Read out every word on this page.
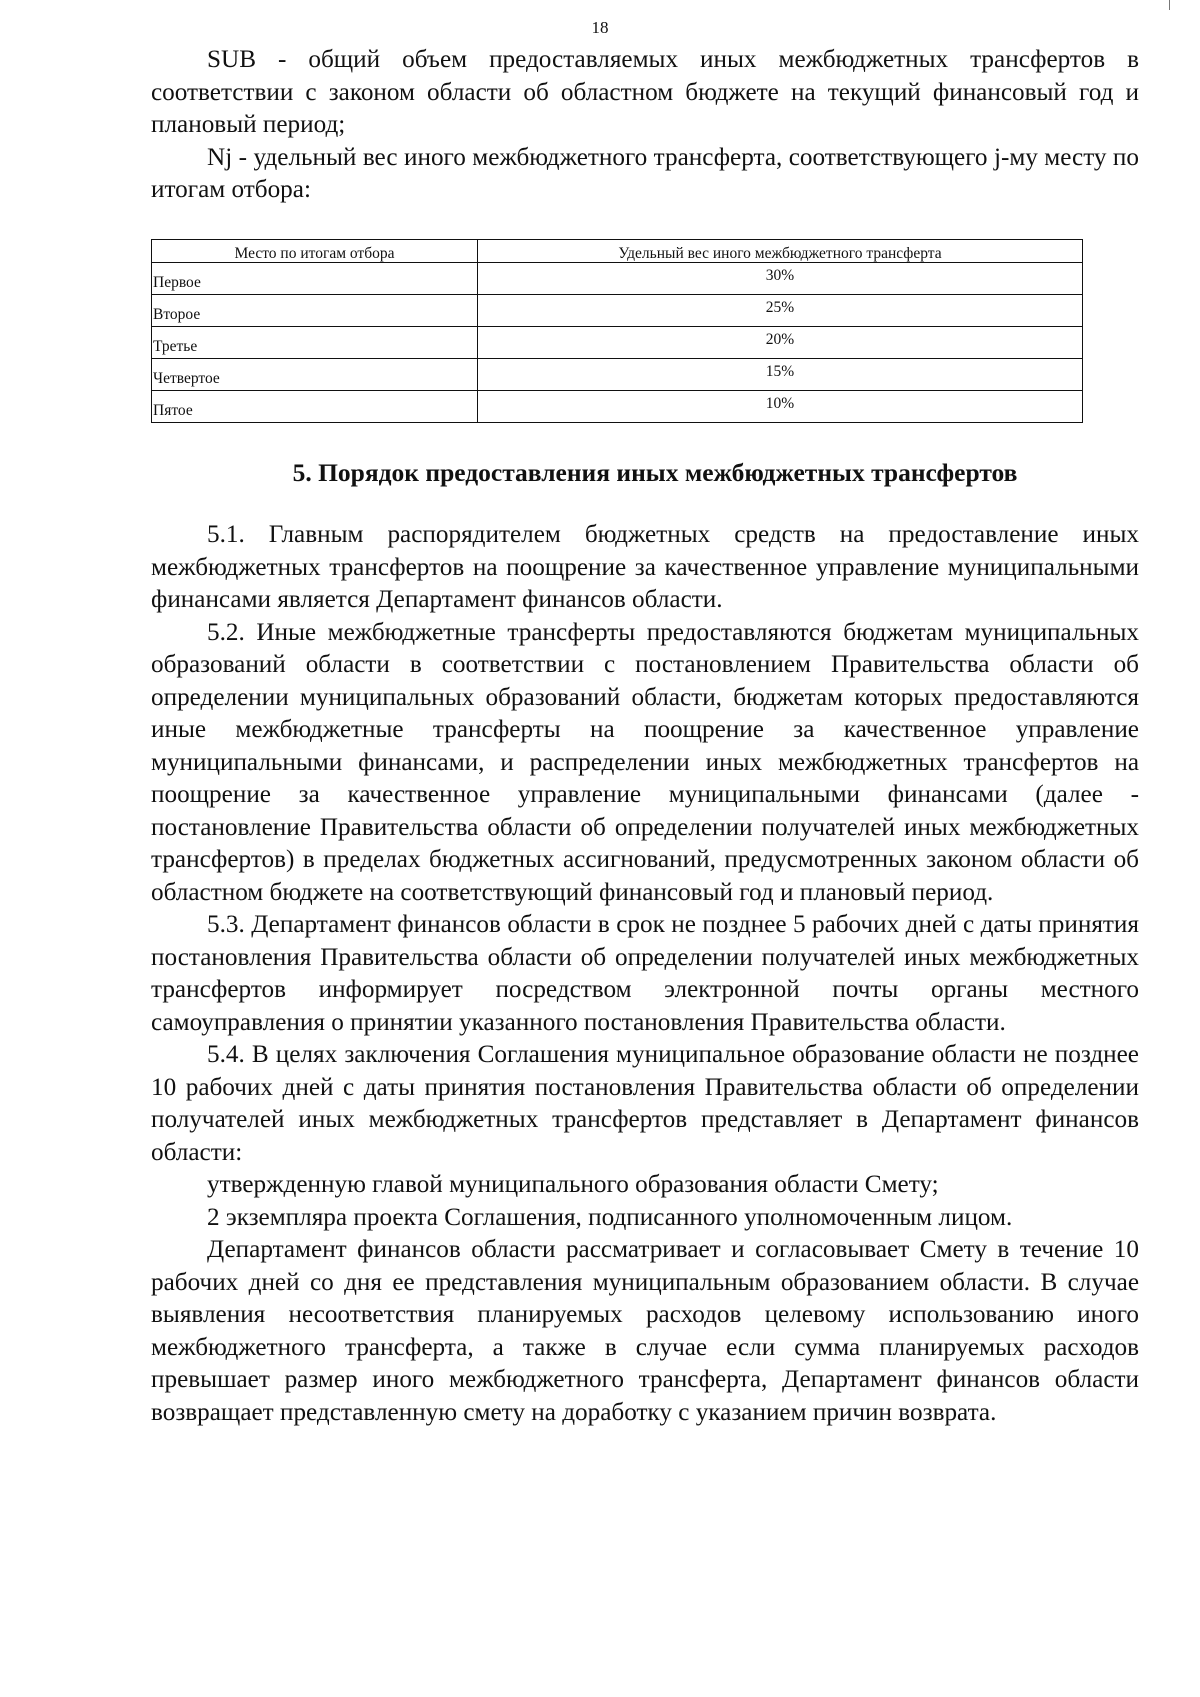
18

SUB - общий объем предоставляемых иных межбюджетных трансфертов в соответствии с законом области об областном бюджете на текущий финансовый год и плановый период;

Nj - удельный вес иного межбюджетного трансферта, соответствующего j-му месту по итогам отбора:

Место по итогам отбора	Удельный вес иного межбюджетного трансферта

Первое	30%

Второе	25%

Третье	20%

Четвертое	15%

Пятое	10%
5. Порядок предоставления иных межбюджетных трансфертов

5.1. Главным распорядителем бюджетных средств на предоставление иных межбюджетных трансфертов на поощрение за качественное управление муниципальными финансами является Департамент финансов области.

5.2. Иные межбюджетные трансферты предоставляются бюджетам муниципальных образований области в соответствии с постановлением Правительства области об определении муниципальных образований области, бюджетам которых предоставляются иные межбюджетные трансферты на поощрение за качественное управление муниципальными финансами, и распределении иных межбюджетных трансфертов на поощрение за качественное управление муниципальными финансами (далее - постановление Правительства области об определении получателей иных межбюджетных трансфертов) в пределах бюджетных ассигнований, предусмотренных законом области об областном бюджете на соответствующий финансовый год и плановый период.

5.3. Департамент финансов области в срок не позднее 5 рабочих дней с даты принятия постановления Правительства области об определении получателей иных межбюджетных трансфертов информирует посредством электронной почты органы местного самоуправления о принятии указанного постановления Правительства области.

5.4. В целях заключения Соглашения муниципальное образование области не позднее 10 рабочих дней с даты принятия постановления Правительства области об определении получателей иных межбюджетных трансфертов представляет в Департамент финансов области:

утвержденную главой муниципального образования области Смету;

2 экземпляра проекта Соглашения, подписанного уполномоченным лицом.

Департамент финансов области рассматривает и согласовывает Смету в течение 10 рабочих дней со дня ее представления муниципальным образованием области. В случае выявления несоответствия планируемых расходов целевому использованию иного межбюджетного трансферта, а также в случае если сумма планируемых расходов превышает размер иного межбюджетного трансферта, Департамент финансов области возвращает представленную смету на доработку с указанием причин возврата.
